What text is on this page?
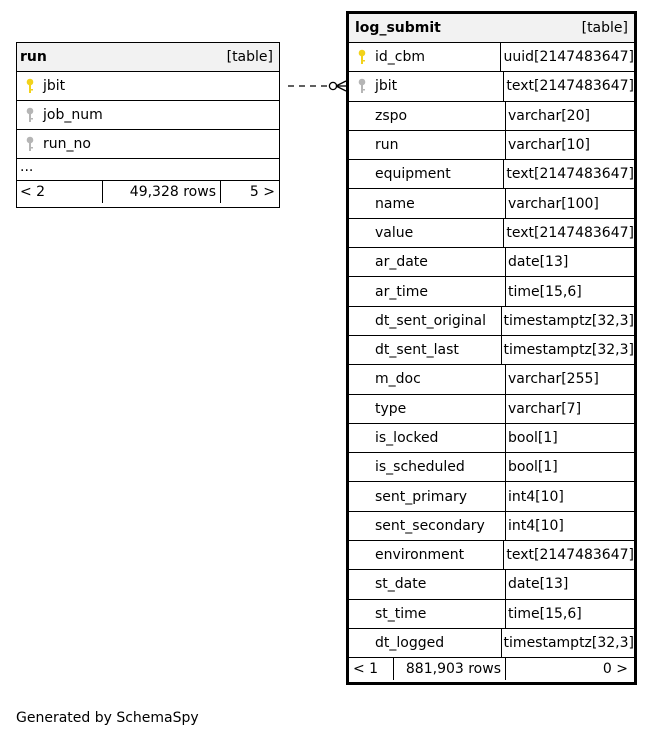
run	[table]
jbit
job_num
run_no
...
< 2	49,328 rows	5 >
log_submit	[table]
id_cbm	uuid[2147483647]
jbit	text[2147483647]
zspo	varchar[20]
run	varchar[10]
equipment	text[2147483647]
name	varchar[100]
value	text[2147483647]
ar_date	date[13]
ar_time	time[15,6]
dt_sent_original timestamptz[32,3]
dt_sent_last	timestamptz[32,3]
m_doc	varchar[255]
type	varchar[7]
is_locked	bool[1]
is_scheduled	bool[1]
sent_primary	int4[10]
sent_secondary int4[10]
environment	text[2147483647]
st_date	date[13]
st_time	time[15,6]
dt_logged	timestamptz[32,3]
< 1	881,903 rows	0 >
Generated by SchemaSpy
